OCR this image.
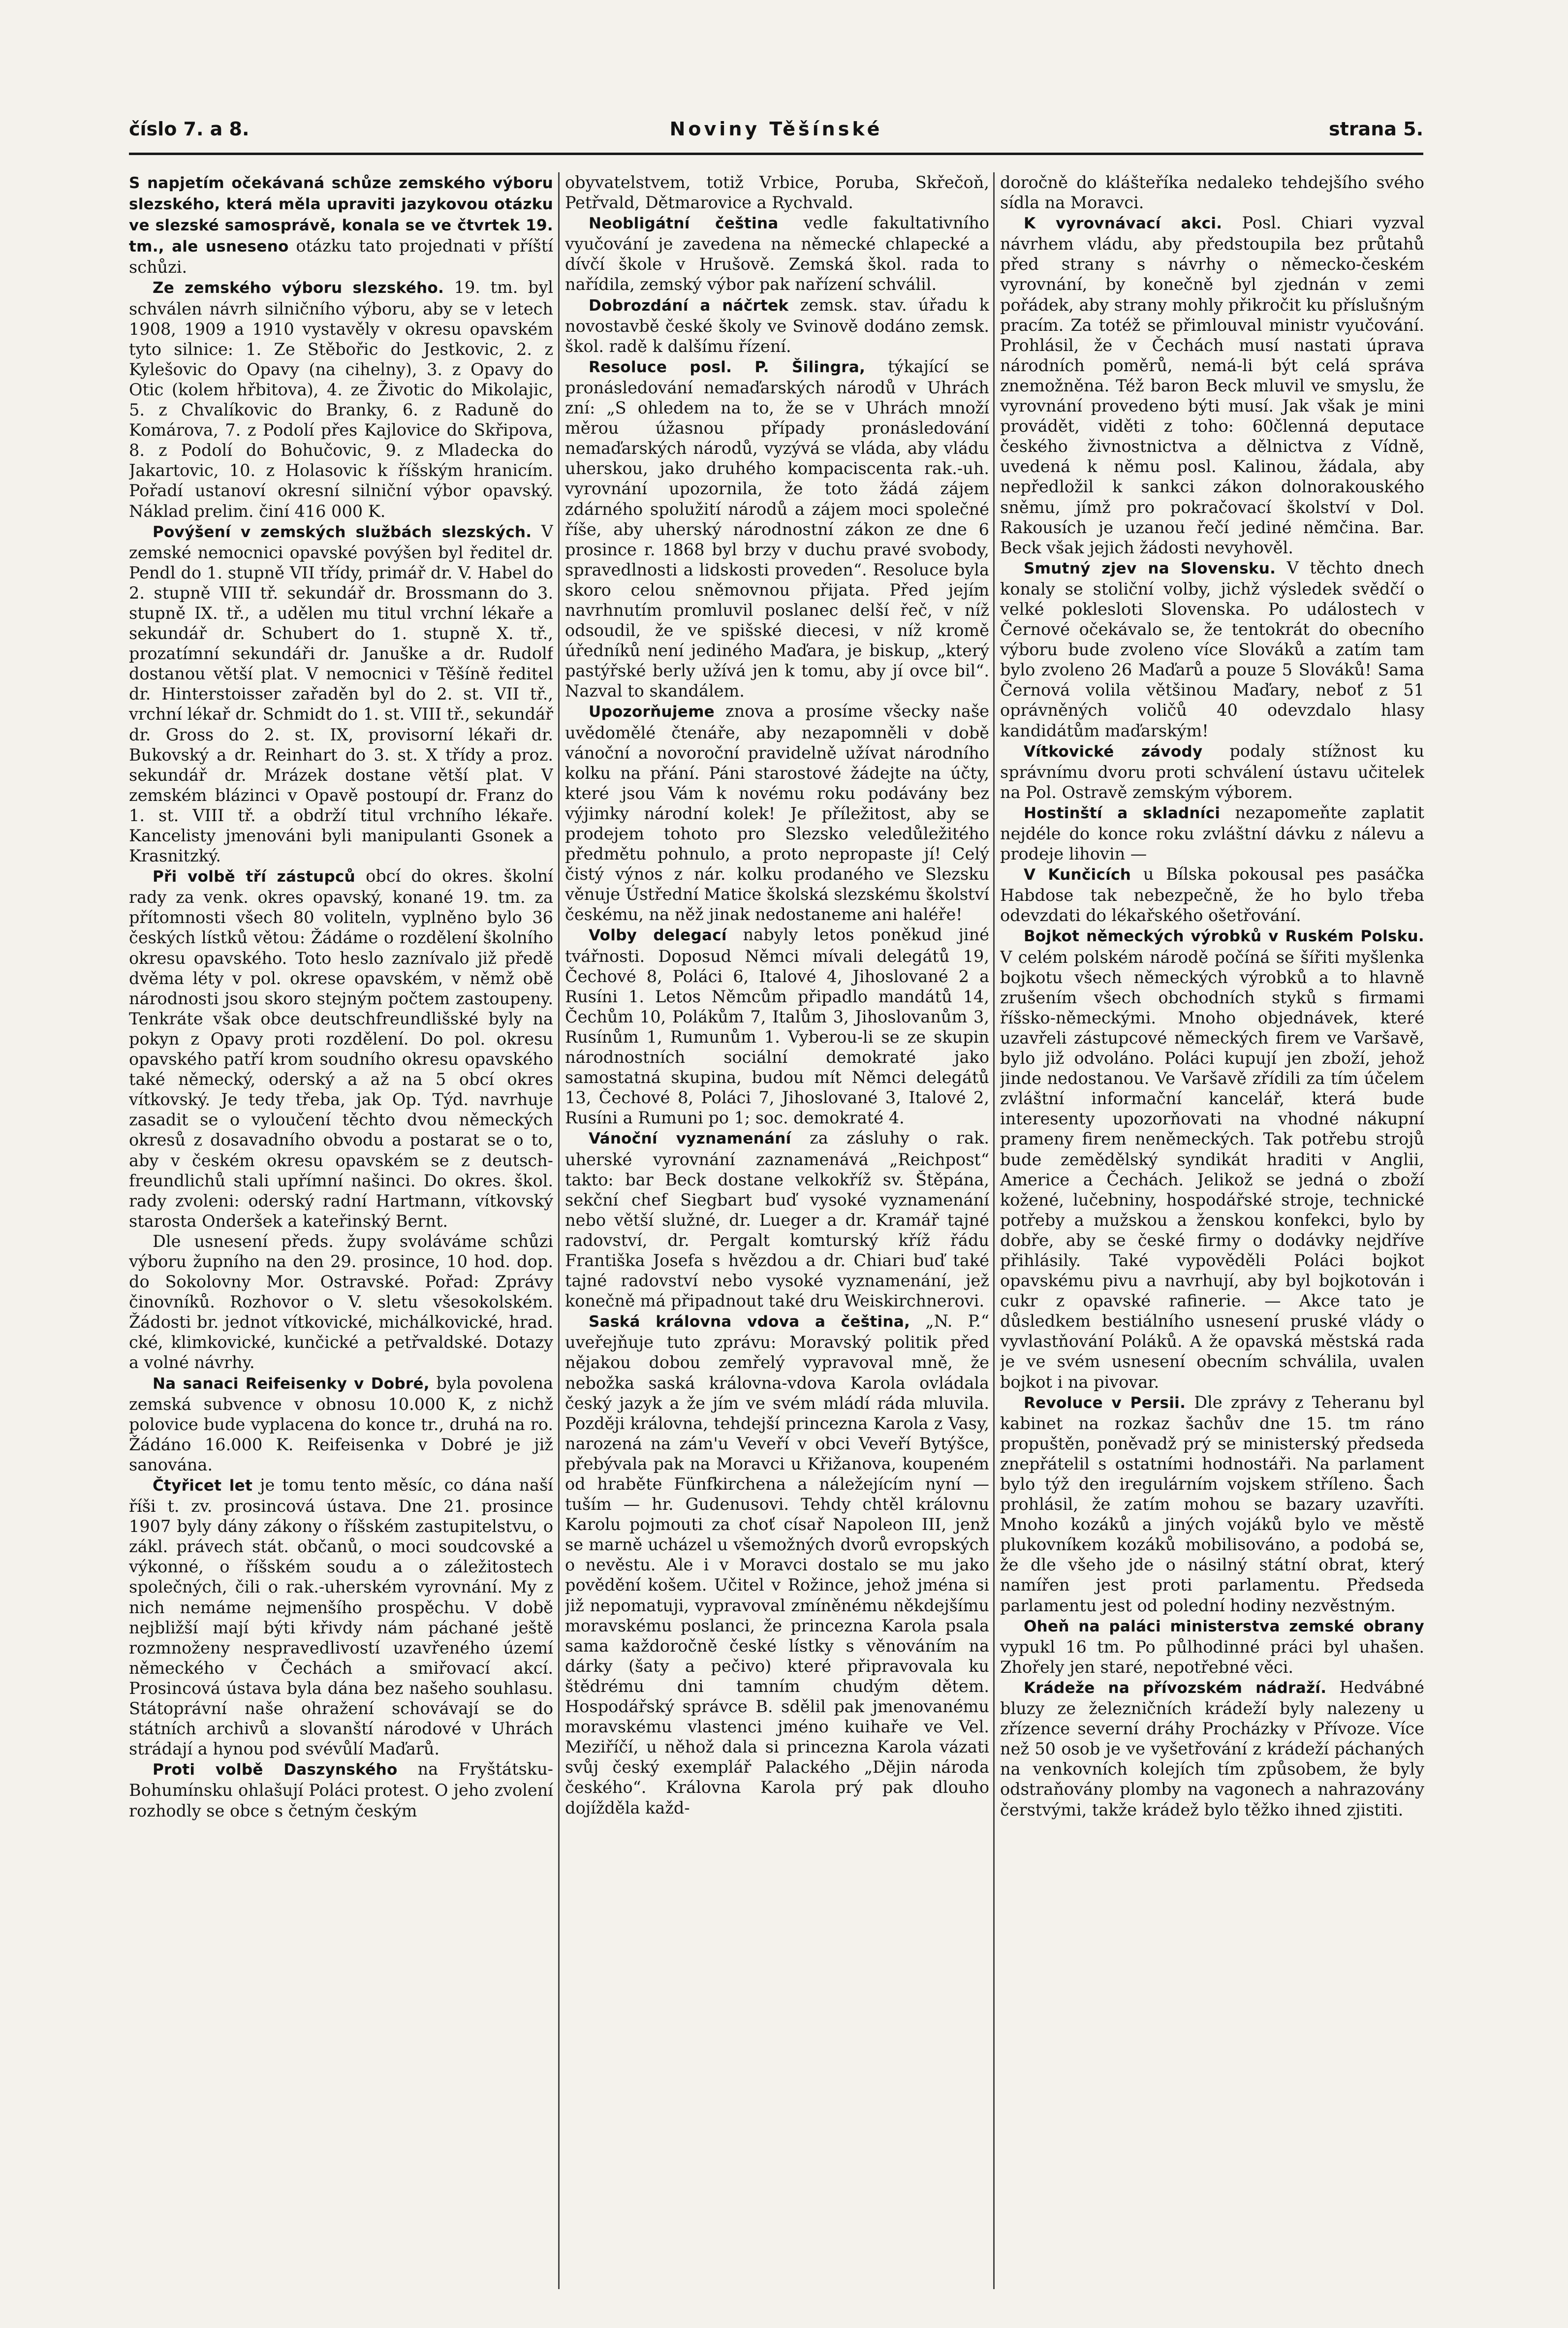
číslo 7. a 8.	Noviny Těšínské	strana 5.

S napjetím očekávaná schůze zemského výboru slezského, která měla upraviti jazykovou otázku ve slezské samosprávě, konala se ve čtvrtek 19. tm., ale usneseno otázku tato projednati v příští schůzi.

Ze zemského výboru slezského. 19. tm. byl schválen návrh silničního výboru, aby se v letech 1908, 1909 a 1910 vystavěly v okresu opavském tyto silnice: 1. Ze Stěbořic do Jestkovic, 2. z Kylešovic do Opavy (na cihelny), 3. z Opavy do Otic (kolem hřbitova), 4. ze Životic do Mikolajic, 5. z Chvalíkovic do Branky, 6. z Raduně do Komárova, 7. z Podolí přes Kajlovice do Skřipova, 8. z Podolí do Bohučovic, 9. z Mladecka do Jakartovic, 10. z Holasovic k říšským hranicím. Pořadí ustanoví okresní silniční výbor opavský. Náklad prelim. činí 416 000 K.

Povýšení v zemských službách slezských. V zemské nemocnici opavské povýšen byl ředitel dr. Pendl do 1. stupně VII třídy, primář dr. V. Habel do 2. stupně VIII tř. sekundář dr. Brossmann do 3. stupně IX. tř., a udělen mu titul vrchní lékaře a sekundář dr. Schubert do 1. stupně X. tř., prozatímní sekundáři dr. Januške a dr. Rudolf dostanou větší plat. V nemocnici v Těšíně ředitel dr. Hinterstoisser zařaděn byl do 2. st. VII tř., vrchní lékař dr. Schmidt do 1. st. VIII tř., sekundář dr. Gross do 2. st. IX, provisorní lékaři dr. Bukovský a dr. Reinhart do 3. st. X třídy a proz. sekundář dr. Mrázek dostane větší plat. V zemském blázinci v Opavě postoupí dr. Franz do 1. st. VIII tř. a obdrží titul vrchního lékaře. Kancelisty jmenováni byli manipulanti Gsonek a Krasnitzký.

Při volbě tří zástupců obcí do okres. školní rady za venk. okres opavský, konané 19. tm. za přítomnosti všech 80 voliteln, vyplněno bylo 36 českých lístků větou: Žádáme o rozdělení školního okresu opavského. Toto heslo zaznívalo již předě dvěma léty v pol. okrese opavském, v němž obě národnosti jsou skoro stejným počtem zastoupeny. Tenkráte však obce deutschfreundlišské byly na pokyn z Opavy proti rozdělení. Do pol. okresu opavského patří krom soudního okresu opavského také německý, oderský a až na 5 obcí okres vítkovský. Je tedy třeba, jak Op. Týd. navrhuje zasadit se o vyloučení těchto dvou německých okresů z dosavadního obvodu a postarat se o to, aby v českém okresu opavském se z deutsch-freundlichů stali upřímní našinci. Do okres. škol. rady zvoleni: oderský radní Hartmann, vítkovský starosta Onderšek a kateřinský Bernt.

Dle usnesení předs. župy svoláváme schůzi výboru župního na den 29. prosince, 10 hod. dop. do Sokolovny Mor. Ostravské. Pořad: Zprávy činovníků. Rozhovor o V. sletu všesokolském. Žádosti br. jednot vítkovické, michálkovické, hrad. cké, klimkovické, kunčické a petřvaldské. Dotazy a volné návrhy.

Na sanaci Reifeisenky v Dobré, byla povolena zemská subvence v obnosu 10.000 K, z nichž polovice bude vyplacena do konce tr., druhá na ro. Žádáno 16.000 K. Reifeisenka v Dobré je již sanována.

Čtyřicet let je tomu tento měsíc, co dána naší říši t. zv. prosincová ústava. Dne 21. prosince 1907 byly dány zákony o říšském zastupitelstvu, o zákl. právech stát. občanů, o moci soudcovské a výkonné, o říšském soudu a o záležitostech společných, čili o rak.-uherském vyrovnání. My z nich nemáme nejmenšího prospěchu. V době nejbližší mají býti křivdy nám páchané ještě rozmnoženy nespravedlivostí uzavřeného území německého v Čechách a smiřovací akcí. Prosincová ústava byla dána bez našeho souhlasu. Státoprávní naše ohražení schovávají se do státních archivů a slovanští národové v Uhrách strádají a hynou pod svévůlí Maďarů.

Proti volbě Daszynského na Fryštátsku-Bohumínsku ohlašují Poláci protest. O jeho zvolení rozhodly se obce s četným českým

obyvatelstvem, totiž Vrbice, Poruba, Skřečoň, Petřvald, Dětmarovice a Rychvald.

Neobligátní čeština vedle fakultativního vyučování je zavedena na německé chlapecké a dívčí škole v Hrušově. Zemská škol. rada to nařídila, zemský výbor pak nařízení schválil.

Dobrozdání a náčrtek zemsk. stav. úřadu k novostavbě české školy ve Svinově dodáno zemsk. škol. radě k dalšímu řízení.

Resoluce posl. P. Šilingra, týkající se pronásledování nemaďarských národů v Uhrách zní: „S ohledem na to, že se v Uhrách množí měrou úžasnou případy pronásledování nemaďarských národů, vyzývá se vláda, aby vládu uherskou, jako druhého kompaciscenta rak.-uh. vyrovnání upozornila, že toto žádá zájem zdárného spolužití národů a zájem moci společné říše, aby uherský národnostní zákon ze dne 6 prosince r. 1868 byl brzy v duchu pravé svobody, spravedlnosti a lidskosti proveden“. Resoluce byla skoro celou sněmovnou přijata. Před jejím navrhnutím promluvil poslanec delší řeč, v níž odsoudil, že ve spišské diecesi, v níž kromě úředníků není jediného Maďara, je biskup, „který pastýřské berly užívá jen k tomu, aby jí ovce bil“. Nazval to skandálem.

Upozorňujeme znova a prosíme všecky naše uvědomělé čtenáře, aby nezapomněli v době vánoční a novoroční pravidelně užívat národního kolku na přání. Páni starostové žádejte na účty, které jsou Vám k novému roku podávány bez výjimky národní kolek! Je příležitost, aby se prodejem tohoto pro Slezsko veledůležitého předmětu pohnulo, a proto nepropaste jí! Celý čistý výnos z nár. kolku prodaného ve Slezsku věnuje Ústřední Matice školská slezskému školství českému, na něž jinak nedostaneme ani haléře!

Volby delegací nabyly letos poněkud jiné tvářnosti. Doposud Němci mívali delegátů 19, Čechové 8, Poláci 6, Italové 4, Jihoslované 2 a Rusíni 1. Letos Němcům připadlo mandátů 14, Čechům 10, Polákům 7, Italům 3, Jihoslovanům 3, Rusínům 1, Rumunům 1. Vyberou-li se ze skupin národnostních sociální demokraté jako samostatná skupina, budou mít Němci delegátů 13, Čechové 8, Poláci 7, Jihoslované 3, Italové 2, Rusíni a Rumuni po 1; soc. demokraté 4.

Vánoční vyznamenání za zásluhy o rak. uherské vyrovnání zaznamenává „Reichpost“ takto: bar Beck dostane velkokříž sv. Štěpána, sekční chef Siegbart buď vysoké vyznamenání nebo větší služné, dr. Lueger a dr. Kramář tajné radovství, dr. Pergalt komturský kříž řádu Františka Josefa s hvězdou a dr. Chiari buď také tajné radovství nebo vysoké vyznamenání, jež konečně má připadnout také dru Weiskirchnerovi.

Saská královna vdova a čeština, „N. P.“ uveřejňuje tuto zprávu: Moravský politik před nějakou dobou zemřelý vypravoval mně, že nebožka saská královna-vdova Karola ovládala český jazyk a že jím ve svém mládí ráda mluvila. Později královna, tehdejší princezna Karola z Vasy, narozená na zám'u Veveří v obci Veveří Bytýšce, přebývala pak na Moravci u Křižanova, koupeném od hraběte Fünfkirchena a náležejícím nyní — tuším — hr. Gudenusovi. Tehdy chtěl královnu Karolu pojmouti za choť císař Napoleon III, jenž se marně ucházel u všemožných dvorů evropských o nevěstu. Ale i v Moravci dostalo se mu jako povědění košem. Učitel v Rožince, jehož jména si již nepomatuji, vypravoval zmíněnému někdejšímu moravskému poslanci, že princezna Karola psala sama každoročně české lístky s věnováním na dárky (šaty a pečivo) které připravovala ku štědrému dni tamním chudým dětem. Hospodářský správce B. sdělil pak jmenovanému moravskému vlastenci jméno kuihaře ve Vel. Meziříčí, u něhož dala si princezna Karola vázati svůj český exemplář Palackého „Dějin národa českého“. Královna Karola prý pak dlouho dojížděla každ-

doročně do klášteříka nedaleko tehdejšího svého sídla na Moravci.

K vyrovnávací akci. Posl. Chiari vyzval návrhem vládu, aby předstoupila bez průtahů před strany s návrhy o německo-českém vyrovnání, by konečně byl zjednán v zemi pořádek, aby strany mohly přikročit ku příslušným pracím. Za totéž se přimlouval ministr vyučování. Prohlásil, že v Čechách musí nastati úprava národních poměrů, nemá-li být celá správa znemožněna. Též baron Beck mluvil ve smyslu, že vyrovnání provedeno býti musí. Jak však je mini provádět, viděti z toho: 60členná deputace českého živnostnictva a dělnictva z Vídně, uvedená k němu posl. Kalinou, žádala, aby nepředložil k sankci zákon dolnorakouského sněmu, jímž pro pokračovací školství v Dol. Rakousích je uzanou řečí jediné němčina. Bar. Beck však jejich žádosti nevyhověl.

Smutný zjev na Slovensku. V těchto dnech konaly se stoliční volby, jichž výsledek svědčí o velké poklesloti Slovenska. Po událostech v Černové očekávalo se, že tentokrát do obecního výboru bude zvoleno více Slováků a zatím tam bylo zvoleno 26 Maďarů a pouze 5 Slováků! Sama Černová volila většinou Maďary, neboť z 51 oprávněných voličů 40 odevzdalo hlasy kandidátům maďarským!

Vítkovické závody podaly stížnost ku správnímu dvoru proti schválení ústavu učitelek na Pol. Ostravě zemským výborem.

Hostinští a skladníci nezapomeňte zaplatit nejdéle do konce roku zvláštní dávku z nálevu a prodeje lihovin —

V Kunčicích u Bílska pokousal pes pasáčka Habdose tak nebezpečně, že ho bylo třeba odevzdati do lékařského ošetřování.

Bojkot německých výrobků v Ruském Polsku. V celém polském národě počíná se šířiti myšlenka bojkotu všech německých výrobků a to hlavně zrušením všech obchodních styků s firmami říšsko-německými. Mnoho objednávek, které uzavřeli zástupcové německých firem ve Varšavě, bylo již odvoláno. Poláci kupují jen zboží, jehož jinde nedostanou. Ve Varšavě zřídili za tím účelem zvláštní informační kancelář, která bude interesenty upozorňovati na vhodné nákupní prameny firem neněmeckých. Tak potřebu strojů bude zemědělský syndikát hraditi v Anglii, Americe a Čechách. Jelikož se jedná o zboží kožené, lučebniny, hospodářské stroje, technické potřeby a mužskou a ženskou konfekci, bylo by dobře, aby se české firmy o dodávky nejdříve přihlásily. Také vypověděli Poláci bojkot opavskému pivu a navrhují, aby byl bojkotován i cukr z opavské rafinerie. — Akce tato je důsledkem bestiálního usnesení pruské vlády o vyvlastňování Poláků. A že opavská městská rada je ve svém usnesení obecním schválila, uvalen bojkot i na pivovar.

Revoluce v Persii. Dle zprávy z Teheranu byl kabinet na rozkaz šachův dne 15. tm ráno propuštěn, poněvadž prý se ministerský předseda znepřátelil s ostatními hodnostáři. Na parlament bylo týž den iregulárním vojskem stříleno. Šach prohlásil, že zatím mohou se bazary uzavříti. Mnoho kozáků a jiných vojáků bylo ve městě plukovníkem kozáků mobilisováno, a podobá se, že dle všeho jde o násilný státní obrat, který namířen jest proti parlamentu. Předseda parlamentu jest od polední hodiny nezvěstným.

Oheň na paláci ministerstva zemské obrany vypukl 16 tm. Po půlhodinné práci byl uhašen. Zhořely jen staré, nepotřebné věci.

Krádeže na přívozském nádraží. Hedvábné bluzy ze železničních krádeží byly nalezeny u zřízence severní dráhy Procházky v Přívoze. Více než 50 osob je ve vyšetřování z krádeží páchaných na venkovních kolejích tím způsobem, že byly odstraňovány plomby na vagonech a nahrazovány čerstvými, takže krádež bylo těžko ihned zjistiti.
